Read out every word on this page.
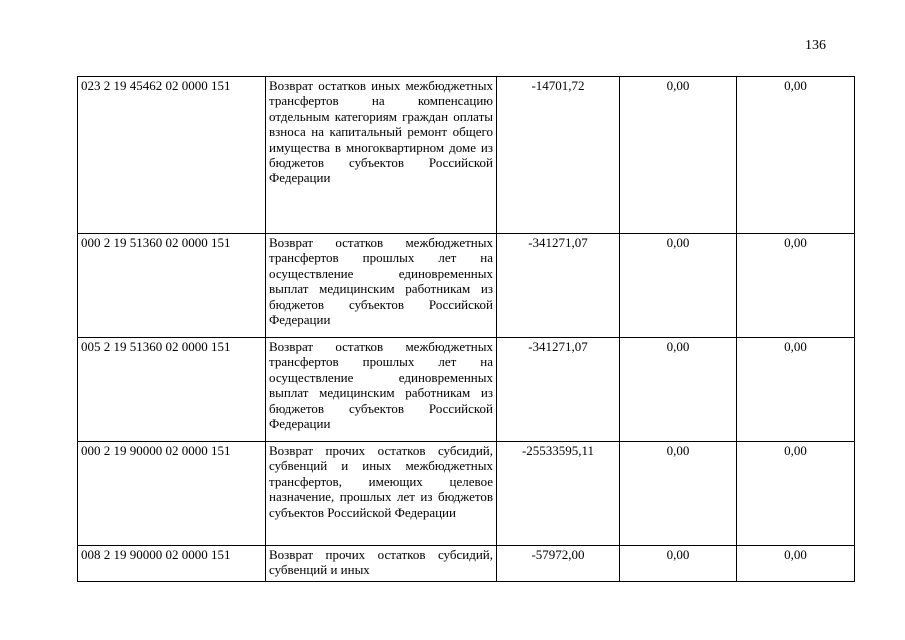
136
023 2 19 45462 02 0000 151	Возврат остатков иных межбюджетных трансфертов на компенсацию отдельным категориям граждан оплаты взноса на капитальный ремонт общего имущества в многоквартирном доме из бюджетов субъектов Российской Федерации	-14701,72	0,00	0,00
000 2 19 51360 02 0000 151	Возврат остатков межбюджетных трансфертов прошлых лет на осуществление единовременных выплат медицинским работникам из бюджетов субъектов Российской Федерации	-341271,07	0,00	0,00
005 2 19 51360 02 0000 151	Возврат остатков межбюджетных трансфертов прошлых лет на осуществление единовременных выплат медицинским работникам из бюджетов субъектов Российской Федерации	-341271,07	0,00	0,00
000 2 19 90000 02 0000 151	Возврат прочих остатков субсидий, субвенций и иных межбюджетных трансфертов, имеющих целевое назначение, прошлых лет из бюджетов субъектов Российской Федерации	-25533595,11	0,00	0,00
008 2 19 90000 02 0000 151	Возврат прочих остатков субсидий, субвенций и иных	-57972,00	0,00	0,00
